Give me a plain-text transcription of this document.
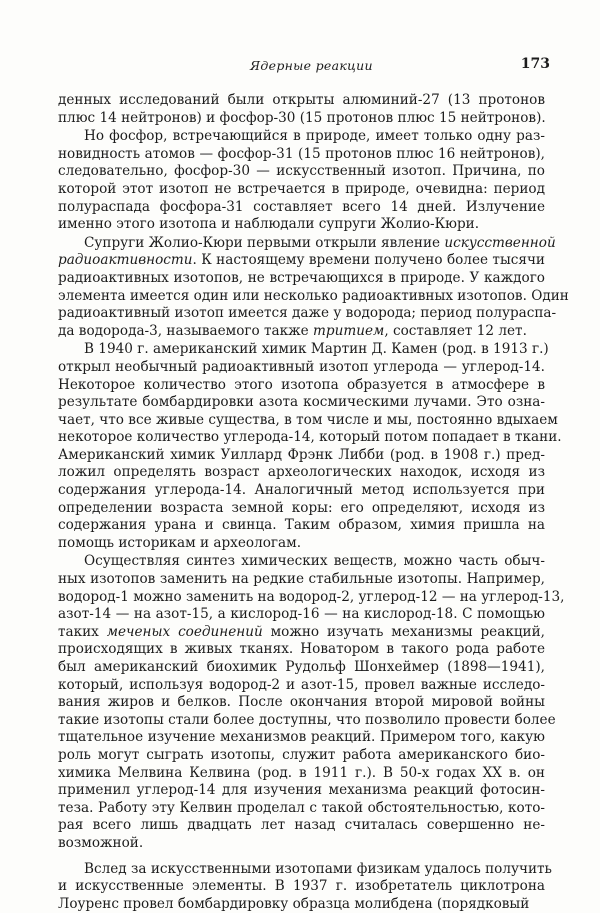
Ядерные реакции	173
денных исследований были открыты алюминий-27 (13 протонов
плюс 14 нейтронов) и фосфор-30 (15 протонов плюс 15 нейтронов).
Но фосфор, встречающийся в природе, имеет только одну раз-
новидность атомов — фосфор-31 (15 протонов плюс 16 нейтронов),
следовательно, фосфор-30 — искусственный изотоп. Причина, по
которой этот изотоп не встречается в природе, очевидна: период
полураспада фосфора-31 составляет всего 14 дней. Излучение
именно этого изотопа и наблюдали супруги Жолио-Кюри.
Супруги Жолио-Кюри первыми открыли явление искусственной
радиоактивности. К настоящему времени получено более тысячи
радиоактивных изотопов, не встречающихся в природе. У каждого
элемента имеется один или несколько радиоактивных изотопов. Один
радиоактивный изотоп имеется даже у водорода; период полураспа-
да водорода-3, называемого также тритием, составляет 12 лет.
В 1940 г. американский химик Мартин Д. Камен (род. в 1913 г.)
открыл необычный радиоактивный изотоп углерода — углерод-14.
Некоторое количество этого изотопа образуется в атмосфере в
результате бомбардировки азота космическими лучами. Это озна-
чает, что все живые существа, в том числе и мы, постоянно вдыхаем
некоторое количество углерода-14, который потом попадает в ткани.
Американский химик Уиллард Фрэнк Либби (род. в 1908 г.) пред-
ложил определять возраст археологических находок, исходя из
содержания углерода-14. Аналогичный метод используется при
определении возраста земной коры: его определяют, исходя из
содержания урана и свинца. Таким образом, химия пришла на
помощь историкам и археологам.
Осуществляя синтез химических веществ, можно часть обыч-
ных изотопов заменить на редкие стабильные изотопы. Например,
водород-1 можно заменить на водород-2, углерод-12 — на углерод-13,
азот-14 — на азот-15, а кислород-16 — на кислород-18. С помощью
таких меченых соединений можно изучать механизмы реакций,
происходящих в живых тканях. Новатором в такого рода работе
был американский биохимик Рудольф Шонхеймер (1898—1941),
который, используя водород-2 и азот-15, провел важные исследо-
вания жиров и белков. После окончания второй мировой войны
такие изотопы стали более доступны, что позволило провести более
тщательное изучение механизмов реакций. Примером того, какую
роль могут сыграть изотопы, служит работа американского био-
химика Мелвина Келвина (род. в 1911 г.). В 50-х годах XX в. он
применил углерод-14 для изучения механизма реакций фотосин-
теза. Работу эту Келвин проделал с такой обстоятельностью, кото-
рая всего лишь двадцать лет назад считалась совершенно не-
возможной.
Вслед за искусственными изотопами физикам удалось получить
и искусственные элементы. В 1937 г. изобретатель циклотрона
Лоуренс провел бомбардировку образца молибдена (порядковый
